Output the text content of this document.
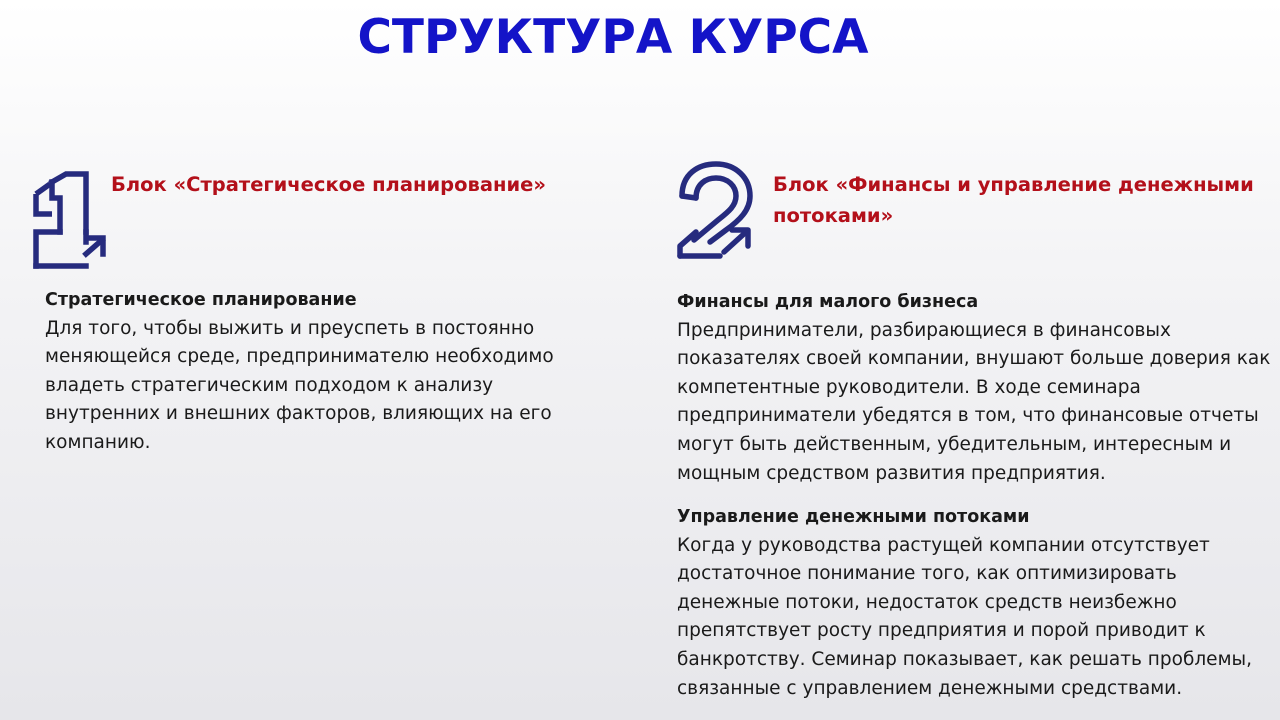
СТРУКТУРА КУРСА
Блок «Стратегическое планирование»	Блок «Финансы и управление денежными потоками»
Стратегическое планирование
Для того, чтобы выжить и преуспеть в постоянно меняющейся среде, предпринимателю необходимо владеть стратегическим подходом к анализу внутренних и внешних факторов, влияющих на его компанию.
Финансы для малого бизнеса
Предприниматели, разбирающиеся в финансовых показателях своей компании, внушают больше доверия как компетентные руководители. В ходе семинара предприниматели убедятся в том, что финансовые отчеты могут быть действенным, убедительным, интересным и мощным средством развития предприятия.
Управление денежными потоками
Когда у руководства растущей компании отсутствует достаточное понимание того, как оптимизировать денежные потоки, недостаток средств неизбежно препятствует росту предприятия и порой приводит к банкротству. Семинар показывает, как решать проблемы, связанные с управлением денежными средствами.
